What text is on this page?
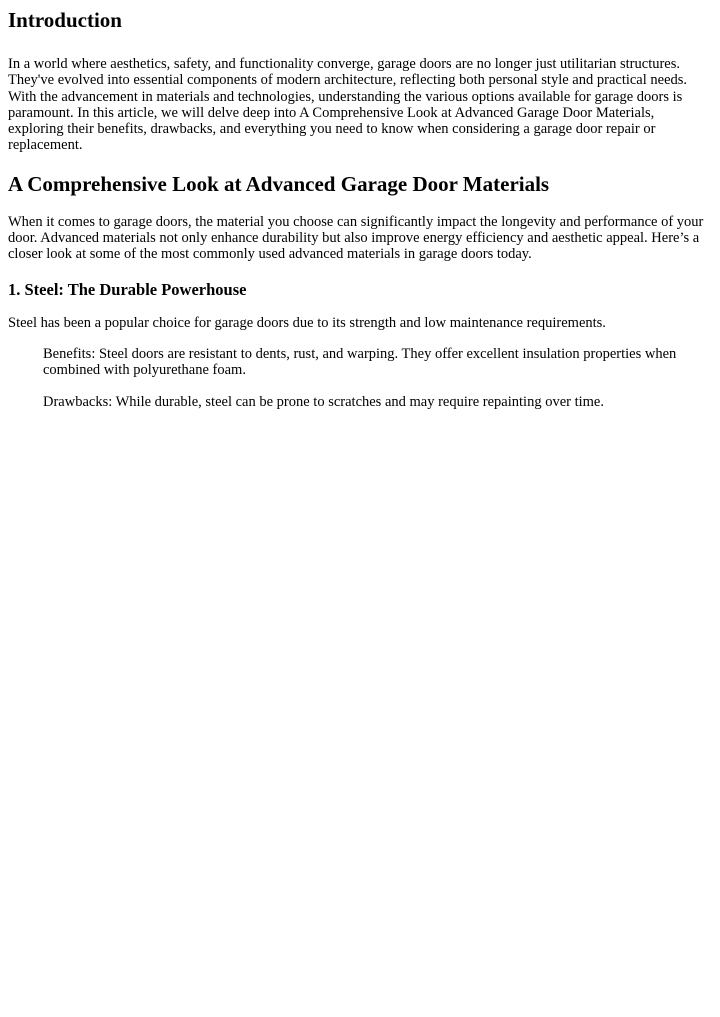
Introduction

In a world where aesthetics, safety, and functionality converge, garage doors are no longer just utilitarian structures. They've evolved into essential components of modern architecture, reflecting both personal style and practical needs. With the advancement in materials and technologies, understanding the various options available for garage doors is paramount. In this article, we will delve deep into A Comprehensive Look at Advanced Garage Door Materials, exploring their benefits, drawbacks, and everything you need to know when considering a garage door repair or replacement.

A Comprehensive Look at Advanced Garage Door Materials

When it comes to garage doors, the material you choose can significantly impact the longevity and performance of your door. Advanced materials not only enhance durability but also improve energy efficiency and aesthetic appeal. Here’s a closer look at some of the most commonly used advanced materials in garage doors today.

1. Steel: The Durable Powerhouse

Steel has been a popular choice for garage doors due to its strength and low maintenance requirements.

Benefits: Steel doors are resistant to dents, rust, and warping. They offer excellent insulation properties when combined with polyurethane foam.

Drawbacks: While durable, steel can be prone to scratches and may require repainting over time.
